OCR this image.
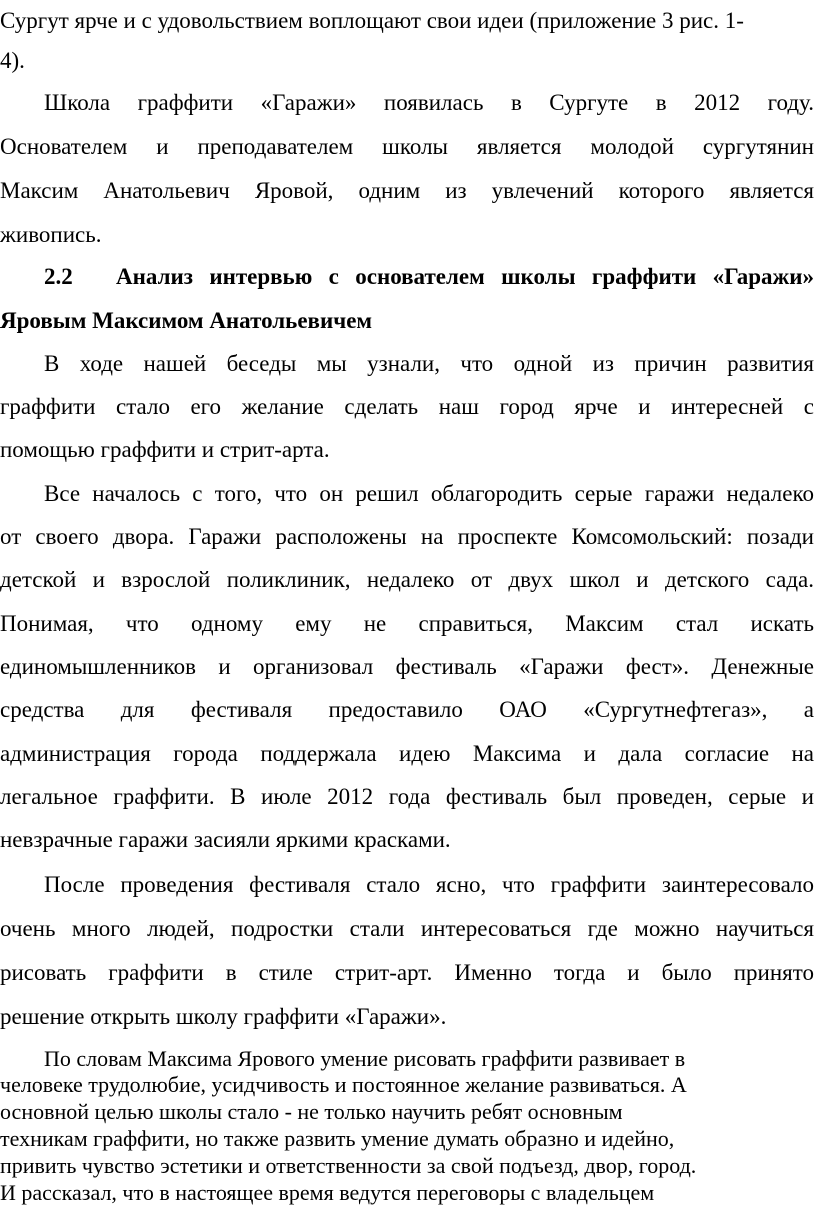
Сургут ярче и с удовольствием воплощают свои идеи (приложение 3 рис. 1-
4).
Школа граффити «Гаражи» появилась в Сургуте в 2012 году.
Основателем и преподавателем школы является молодой сургутянин
Максим Анатольевич Яровой, одним из увлечений которого является
живопись.
2.2 Анализ интервью с основателем школы граффити «Гаражи»
Яровым Максимом Анатольевичем
В ходе нашей беседы мы узнали, что одной из причин развития
граффити стало его желание сделать наш город ярче и интересней с
помощью граффити и стрит-арта.
Все началось с того, что он решил облагородить серые гаражи недалеко
от своего двора. Гаражи расположены на проспекте Комсомольский: позади
детской и взрослой поликлиник, недалеко от двух школ и детского сада.
Понимая, что одному ему не справиться, Максим стал искать
единомышленников и организовал фестиваль «Гаражи фест». Денежные
средства для фестиваля предоставило ОАО «Сургутнефтегаз», а
администрация города поддержала идею Максима и дала согласие на
легальное граффити. В июле 2012 года фестиваль был проведен, серые и
невзрачные гаражи засияли яркими красками.
После проведения фестиваля стало ясно, что граффити заинтересовало
очень много людей, подростки стали интересоваться где можно научиться
рисовать граффити в стиле стрит-арт. Именно тогда и было принято
решение открыть школу граффити «Гаражи».
По словам Максима Ярового умение рисовать граффити развивает в
человеке трудолюбие, усидчивость и постоянное желание развиваться. А
основной целью школы стало - не только научить ребят основным
техникам граффити, но также развить умение думать образно и идейно,
привить чувство эстетики и ответственности за свой подъезд, двор, город.
И рассказал, что в настоящее время ведутся переговоры с владельцем
